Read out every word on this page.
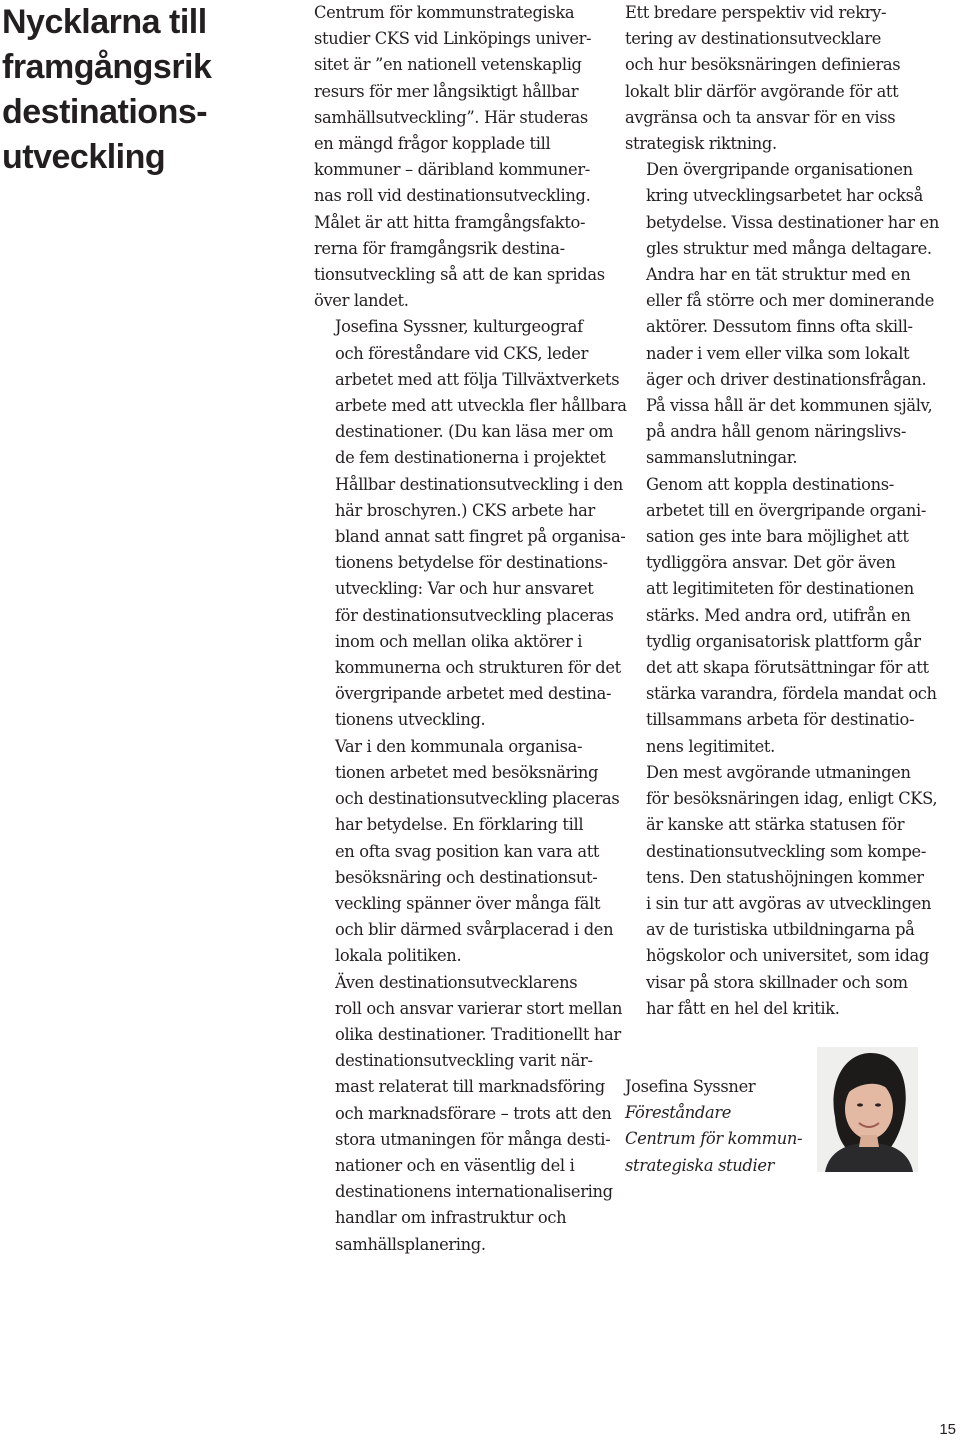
Nycklarna till
framgångsrik
destinations-
utveckling

Centrum för kommunstrategiska
studier CKS vid Linköpings univer-
sitet är ”en nationell vetenskaplig
resurs för mer långsiktigt hållbar
samhällsutveckling”. Här studeras
en mängd frågor kopplade till
kommuner – däribland kommuner-
nas roll vid destinationsutveckling.
Målet är att hitta framgångsfakto-
rerna för framgångsrik destina-
tionsutveckling så att de kan spridas
över landet.

Josefina Syssner, kulturgeograf
och föreståndare vid CKS, leder
arbetet med att följa Tillväxtverkets
arbete med att utveckla fler hållbara
destinationer. (Du kan läsa mer om
de fem destinationerna i projektet
Hållbar destinationsutveckling i den
här broschyren.) CKS arbete har
bland annat satt fingret på organisa-
tionens betydelse för destinations-
utveckling: Var och hur ansvaret
för destinationsutveckling placeras
inom och mellan olika aktörer i
kommunerna och strukturen för det
övergripande arbetet med destina-
tionens utveckling.

Var i den kommunala organisa-
tionen arbetet med besöksnäring
och destinationsutveckling placeras
har betydelse. En förklaring till
en ofta svag position kan vara att
besöksnäring och destinationsut-
veckling spänner över många fält
och blir därmed svårplacerad i den
lokala politiken.

Även destinationsutvecklarens
roll och ansvar varierar stort mellan
olika destinationer. Traditionellt har
destinationsutveckling varit när-
mast relaterat till marknadsföring
och marknadsförare – trots att den
stora utmaningen för många desti-
nationer och en väsentlig del i
destinationens internationalisering
handlar om infrastruktur och
samhällsplanering.

Ett bredare perspektiv vid rekry-
tering av destinationsutvecklare
och hur besöksnäringen definieras
lokalt blir därför avgörande för att
avgränsa och ta ansvar för en viss
strategisk riktning.

Den övergripande organisationen
kring utvecklingsarbetet har också
betydelse. Vissa destinationer har en
gles struktur med många deltagare.
Andra har en tät struktur med en
eller få större och mer dominerande
aktörer. Dessutom finns ofta skill-
nader i vem eller vilka som lokalt
äger och driver destinationsfrågan.
På vissa håll är det kommunen själv,
på andra håll genom näringslivs-
sammanslutningar.

Genom att koppla destinations-
arbetet till en övergripande organi-
sation ges inte bara möjlighet att
tydliggöra ansvar. Det gör även
att legitimiteten för destinationen
stärks. Med andra ord, utifrån en
tydlig organisatorisk plattform går
det att skapa förutsättningar för att
stärka varandra, fördela mandat och
tillsammans arbeta för destinatio-
nens legitimitet.

Den mest avgörande utmaningen
för besöksnäringen idag, enligt CKS,
är kanske att stärka statusen för
destinationsutveckling som kompe-
tens. Den statushöjningen kommer
i sin tur att avgöras av utvecklingen
av de turistiska utbildningarna på
högskolor och universitet, som idag
visar på stora skillnader och som
har fått en hel del kritik.

Josefina Syssner
Föreståndare
Centrum för kommun-
strategiska studier
15
